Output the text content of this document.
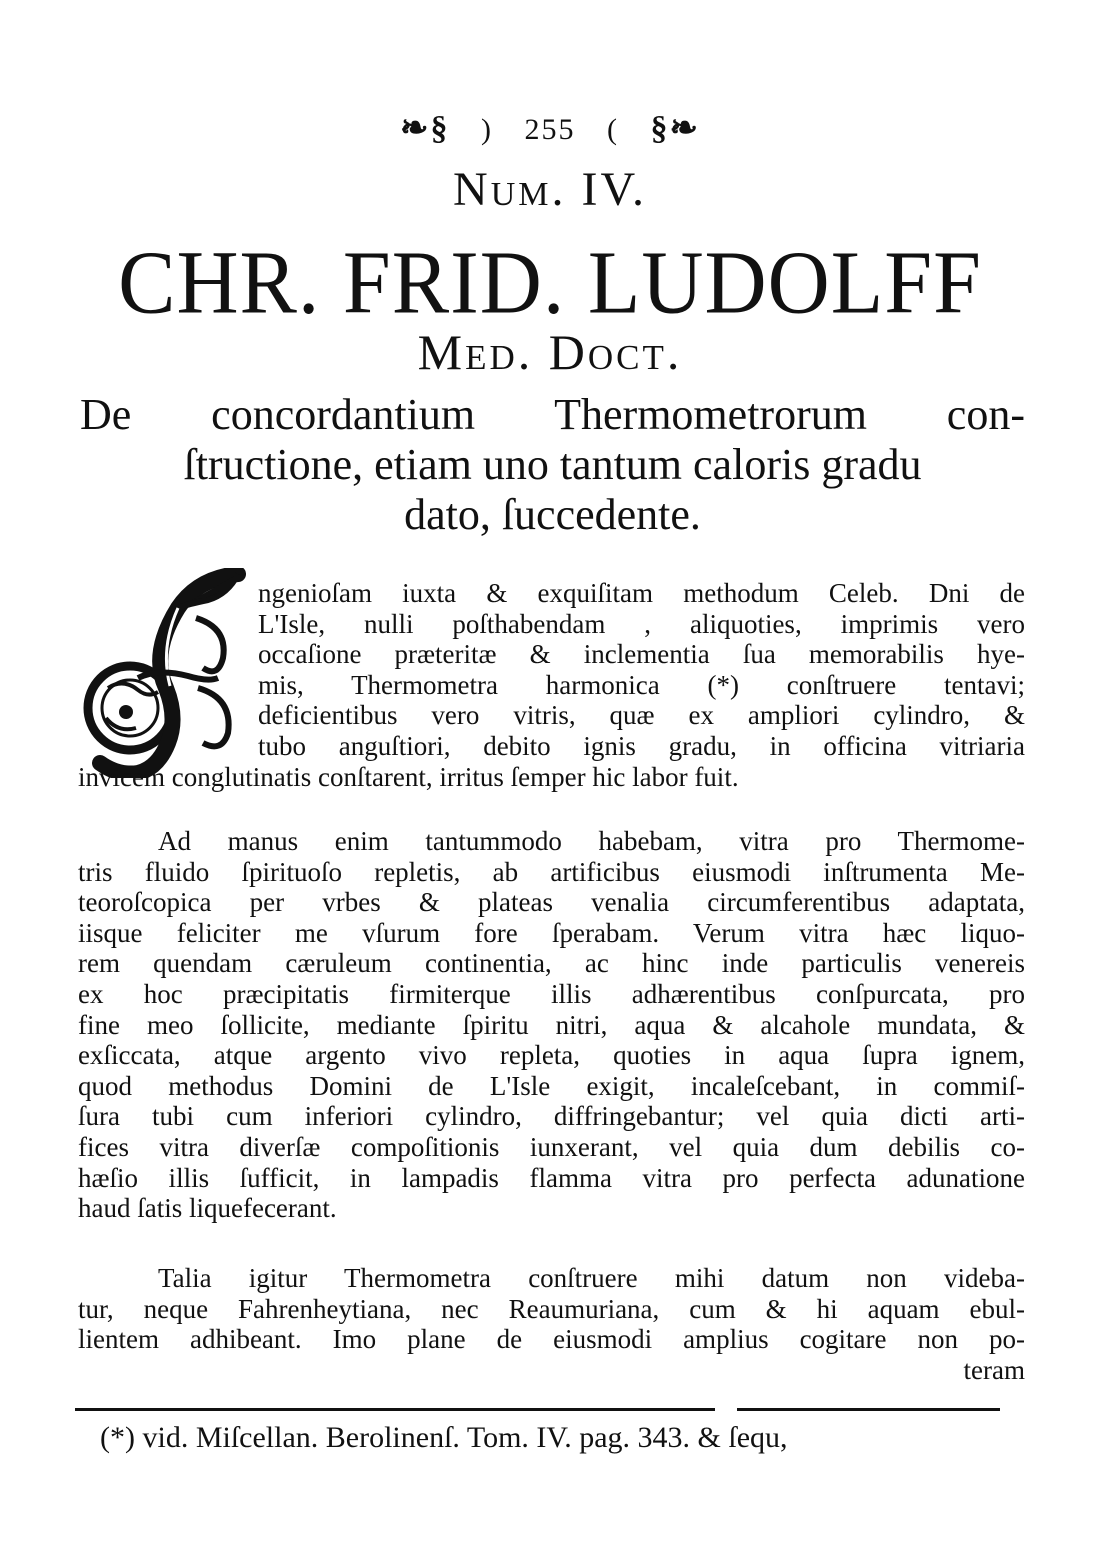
❧§ ) 255 ( §❧
Num. IV.
CHR. FRID. LUDOLFF
Med. Doct.
De concordantium Thermometrorum con-
ſtructione, etiam uno tantum caloris gradu
dato, ſuccedente.
ngenioſam iuxta & exquiſitam methodum Celeb. Dni de
L'Isle, nulli poſthabendam , aliquoties, imprimis vero
occaſione præteritæ & inclementia ſua memorabilis hye-
mis, Thermometra harmonica (*) conſtruere tentavi;
deficientibus vero vitris, quæ ex ampliori cylindro, &
tubo anguſtiori, debito ignis gradu, in officina vitriaria
invicem conglutinatis conſtarent, irritus ſemper hic labor fuit.
Ad manus enim tantummodo habebam, vitra pro Thermome-
tris fluido ſpirituoſo repletis, ab artificibus eiusmodi inſtrumenta Me-
teoroſcopica per vrbes & plateas venalia circumferentibus adaptata,
iisque feliciter me vſurum fore ſperabam. Verum vitra hæc liquo-
rem quendam cæruleum continentia, ac hinc inde particulis venereis
ex hoc præcipitatis firmiterque illis adhærentibus conſpurcata, pro
fine meo ſollicite, mediante ſpiritu nitri, aqua & alcahole mundata, &
exſiccata, atque argento vivo repleta, quoties in aqua ſupra ignem,
quod methodus Domini de L'Isle exigit, incaleſcebant, in commiſ-
ſura tubi cum inferiori cylindro, diffringebantur; vel quia dicti arti-
fices vitra diverſæ compoſitionis iunxerant, vel quia dum debilis co-
hæſio illis ſufficit, in lampadis flamma vitra pro perfecta adunatione
haud ſatis liquefecerant.
Talia igitur Thermometra conſtruere mihi datum non videba-
tur, neque Fahrenheytiana, nec Reaumuriana, cum & hi aquam ebul-
lientem adhibeant. Imo plane de eiusmodi amplius cogitare non po-
teram
(*) vid. Miſcellan. Berolinenſ. Tom. IV. pag. 343. & ſequ,
